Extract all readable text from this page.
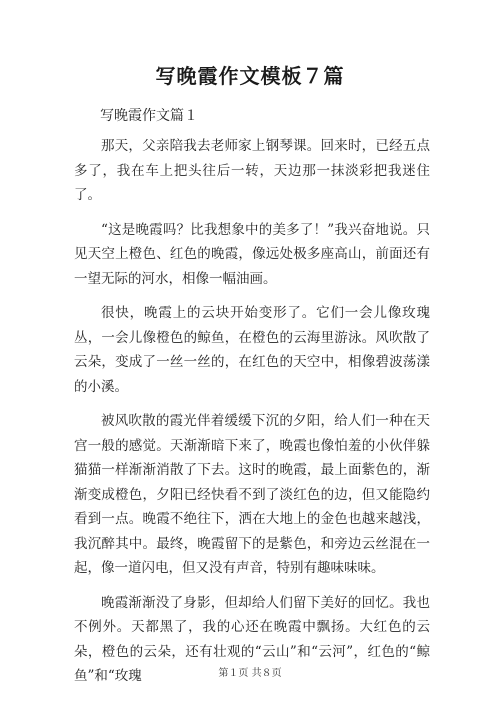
写晚霞作文模板７篇
写晚霞作文篇１

那天，父亲陪我去老师家上钢琴课。回来时，已经五点多了，我在车上把头往后一转，天边那一抹淡彩把我迷住了。

“这是晚霞吗？比我想象中的美多了！”我兴奋地说。只见天空上橙色、红色的晚霞，像远处极多座高山，前面还有一望无际的河水，相像一幅油画。

很快，晚霞上的云块开始变形了。它们一会儿像玫瑰丛，一会儿像橙色的鲸鱼，在橙色的云海里游泳。风吹散了云朵，变成了一丝一丝的，在红色的天空中，相像碧波荡漾的小溪。

被风吹散的霞光伴着缓缓下沉的夕阳，给人们一种在天宫一般的感觉。天渐渐暗下来了，晚霞也像怕羞的小伙伴躲猫猫一样渐渐消散了下去。这时的晚霞，最上面紫色的，渐渐变成橙色，夕阳已经快看不到了淡红色的边，但又能隐约看到一点。晚霞不绝往下，洒在大地上的金色也越来越浅，我沉醉其中。最终，晚霞留下的是紫色，和旁边云丝混在一起，像一道闪电，但又没有声音，特别有趣味味味。

晚霞渐渐没了身影，但却给人们留下美好的回忆。我也不例外。天都黑了，我的心还在晚霞中飘扬。大红色的云朵，橙色的云朵，还有壮观的“云山”和“云河”，红色的“鲸鱼”和“玫瑰	第１页 共８页
